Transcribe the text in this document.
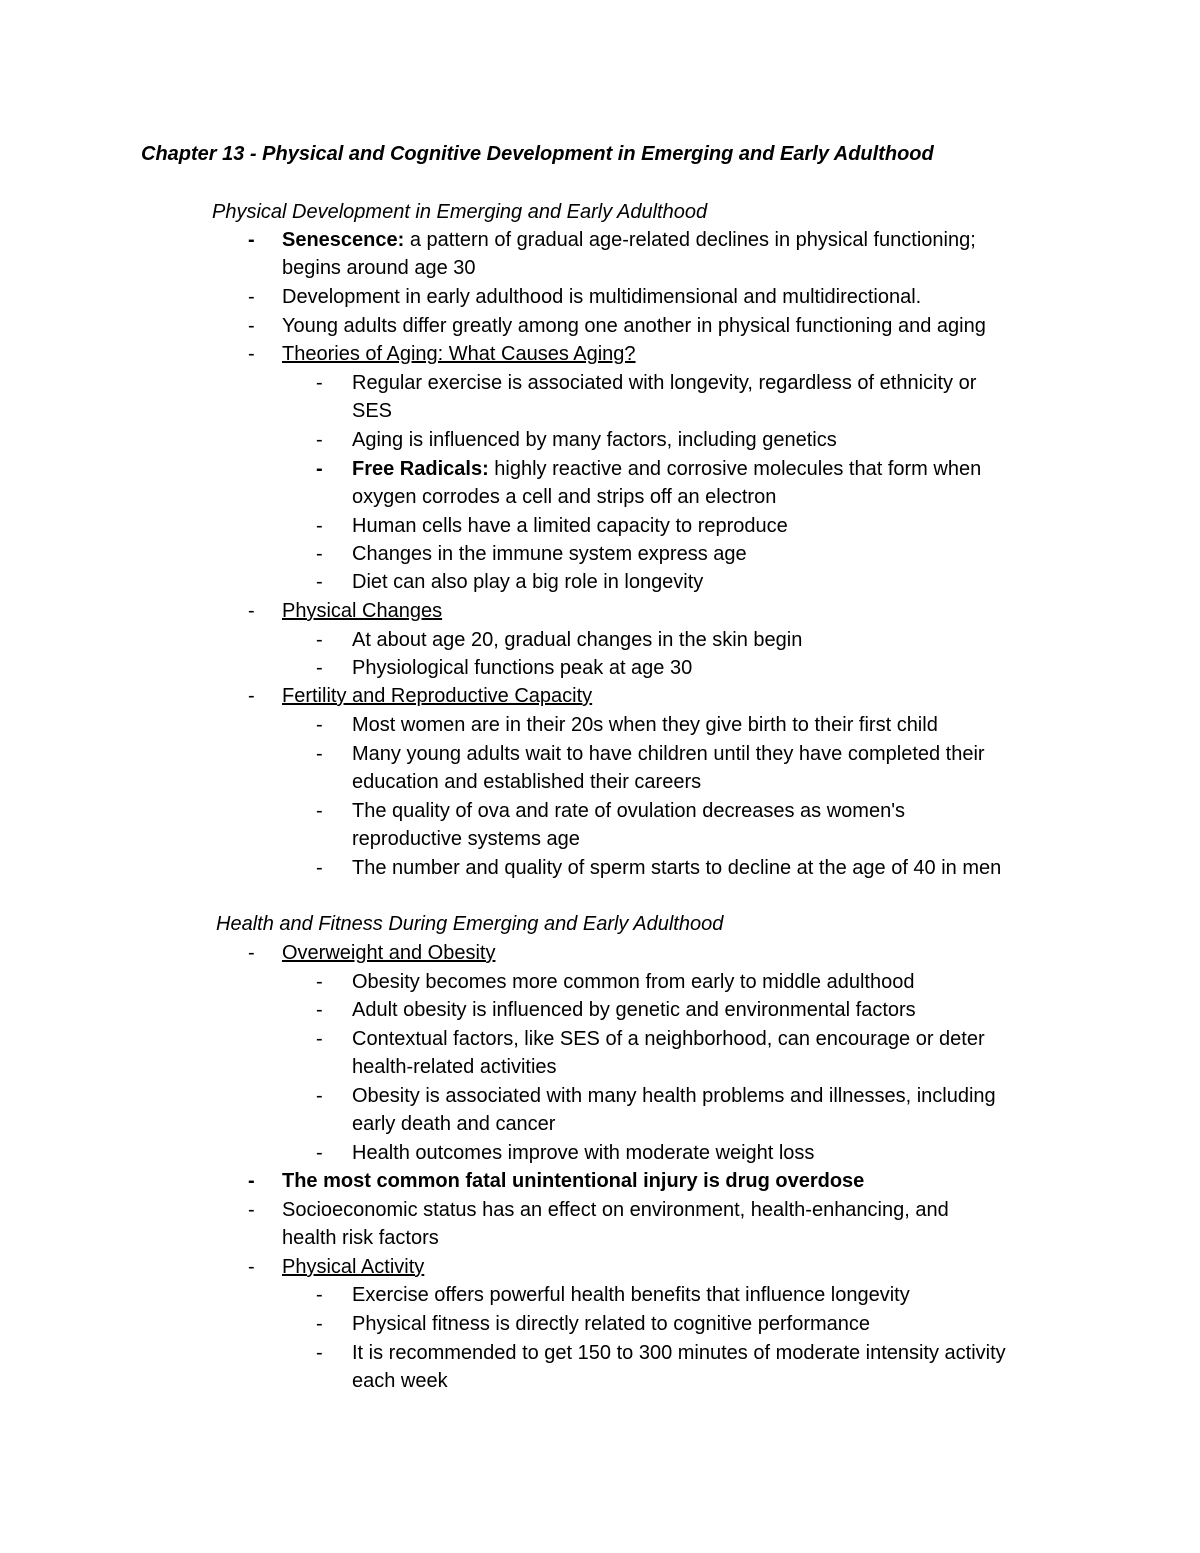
Chapter 13 - Physical and Cognitive Development in Emerging and Early Adulthood
Physical Development in Emerging and Early Adulthood
- Senescence: a pattern of gradual age-related declines in physical functioning;
begins around age 30
- Development in early adulthood is multidimensional and multidirectional.
- Young adults differ greatly among one another in physical functioning and aging
- Theories of Aging: What Causes Aging?
- Regular exercise is associated with longevity, regardless of ethnicity or
SES
- Aging is influenced by many factors, including genetics
- Free Radicals: highly reactive and corrosive molecules that form when
oxygen corrodes a cell and strips off an electron
- Human cells have a limited capacity to reproduce
- Changes in the immune system express age
- Diet can also play a big role in longevity
- Physical Changes
- At about age 20, gradual changes in the skin begin
- Physiological functions peak at age 30
- Fertility and Reproductive Capacity
- Most women are in their 20s when they give birth to their first child
- Many young adults wait to have children until they have completed their
education and established their careers
- The quality of ova and rate of ovulation decreases as women's
reproductive systems age
- The number and quality of sperm starts to decline at the age of 40 in men
Health and Fitness During Emerging and Early Adulthood
- Overweight and Obesity
- Obesity becomes more common from early to middle adulthood
- Adult obesity is influenced by genetic and environmental factors
- Contextual factors, like SES of a neighborhood, can encourage or deter
health-related activities
- Obesity is associated with many health problems and illnesses, including
early death and cancer
- Health outcomes improve with moderate weight loss
- The most common fatal unintentional injury is drug overdose
- Socioeconomic status has an effect on environment, health-enhancing, and
health risk factors
- Physical Activity
- Exercise offers powerful health benefits that influence longevity
- Physical fitness is directly related to cognitive performance
- It is recommended to get 150 to 300 minutes of moderate intensity activity
each week
